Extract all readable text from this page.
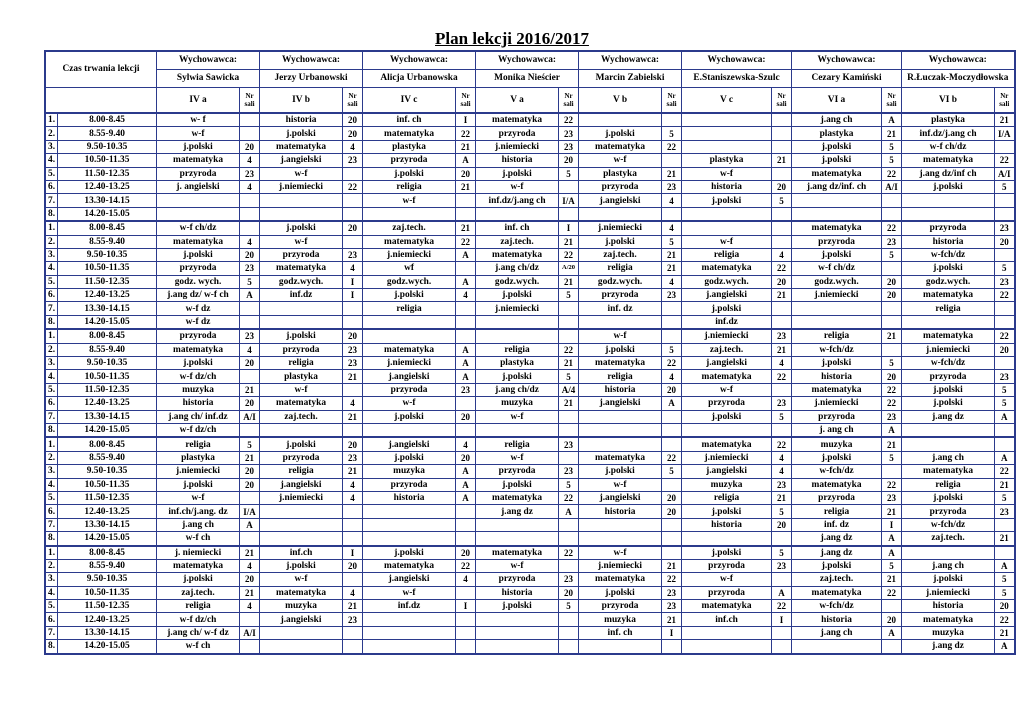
Plan lekcji 2016/2017
Czas trwania lekcji		Wychowawca:		Wychowawca:		Wychowawca:		Wychowawca:		Wychowawca:		Wychowawca:		Wychowawca:		Wychowawca:	
		Sylwia Sawicka		Jerzy Urbanowski		Alicja Urbanowska		Monika Nieścier		Marcin Zabielski		E.Staniszewska-Szulc		Cezary Kamiński		R.Łuczak-Moczydłowska	
		IV a	Nr sali	IV b	Nr sali	IV c	Nr sali	V a	Nr sali	V b	Nr sali	V c	Nr sali	VI a	Nr sali	VI b	Nr sali
1.	8.00-8.45	w- f		historia	20	inf. ch	I	matematyka	22					j.ang ch	A	plastyka	21
2.	8.55-9.40	w-f		j.polski	20	matematyka	22	przyroda	23	j.polski	5			plastyka	21	inf.dz/j.ang ch	I/A
3.	9.50-10.35	j.polski	20	matematyka	4	plastyka	21	j.niemiecki	23	matematyka	22			j.polski	5	w-f ch/dz	
4.	10.50-11.35	matematyka	4	j.angielski	23	przyroda	A	historia	20	w-f		plastyka	21	j.polski	5	matematyka	22
5.	11.50-12.35	przyroda	23	w-f		j.polski	20	j.polski	5	plastyka	21	w-f		matematyka	22	j.ang dz/inf ch	A/I
6.	12.40-13.25	j. angielski	4	j.niemiecki	22	religia	21	w-f		przyroda	23	historia	20	j.ang dz/inf. ch	A/I	j.polski	5
7.	13.30-14.15					w-f		inf.dz/j.ang ch	I/A	j.angielski	4	j.polski	5				
8.	14.20-15.05																
1.	8.00-8.45	w-f ch/dz		j.polski	20	zaj.tech.	21	inf. ch	I	j.niemiecki	4			matematyka	22	przyroda	23
2.	8.55-9.40	matematyka	4	w-f		matematyka	22	zaj.tech.	21	j.polski	5	w-f		przyroda	23	historia	20
3.	9.50-10.35	j.polski	20	przyroda	23	j.niemiecki	A	matematyka	22	zaj.tech.	21	religia	4	j.polski	5	w-fch/dz	
4.	10.50-11.35	przyroda	23	matematyka	4	wf		j.ang ch/dz	A/20	religia	21	matematyka	22	w-f ch/dz		j.polski	5
5.	11.50-12.35	godz. wych.	5	godz.wych.	I	godz.wych.	A	godz.wych.	21	godz.wych.	4	godz.wych.	20	godz.wych.	20	godz.wych.	23
6.	12.40-13.25	j.ang dz/ w-f ch	A	inf.dz	I	j.polski	4	j.polski	5	przyroda	23	j.angielski	21	j.niemiecki	20	matematyka	22
7.	13.30-14.15	w-f dz				religia		j.niemiecki		inf. dz		j.polski				religia	
8.	14.20-15.05	w-f dz										inf.dz					
1.	8.00-8.45	przyroda	23	j.polski	20					w-f		j.niemiecki	23	religia	21	matematyka	22
2.	8.55-9.40	matematyka	4	przyroda	23	matematyka	A	religia	22	j.polski	5	zaj.tech.	21	w-fch/dz		j.niemiecki	20
3.	9.50-10.35	j.polski	20	religia	23	j.niemiecki	A	plastyka	21	matematyka	22	j.angielski	4	j.polski	5	w-fch/dz	
4.	10.50-11.35	w-f dz/ch		plastyka	21	j.angielski	A	j.polski	5	religia	4	matematyka	22	historia	20	przyroda	23
5.	11.50-12.35	muzyka	21	w-f		przyroda	23	j.ang ch/dz	A/4	historia	20	w-f		matematyka	22	j.polski	5
6.	12.40-13.25	historia	20	matematyka	4	w-f		muzyka	21	j.angielski	A	przyroda	23	j.niemiecki	22	j.polski	5
7.	13.30-14.15	j.ang ch/ inf.dz	A/I	zaj.tech.	21	j.polski	20	w-f				j.polski	5	przyroda	23	j.ang dz	A
8.	14.20-15.05	w-f dz/ch												j. ang ch	A		
1.	8.00-8.45	religia	5	j.polski	20	j.angielski	4	religia	23			matematyka	22	muzyka	21		
2.	8.55-9.40	plastyka	21	przyroda	23	j.polski	20	w-f		matematyka	22	j.niemiecki	4	j.polski	5	j.ang ch	A
3.	9.50-10.35	j.niemiecki	20	religia	21	muzyka	A	przyroda	23	j.polski	5	j.angielski	4	w-fch/dz		matematyka	22
4.	10.50-11.35	j.polski	20	j.angielski	4	przyroda	A	j.polski	5	w-f		muzyka	23	matematyka	22	religia	21
5.	11.50-12.35	w-f		j.niemiecki	4	historia	A	matematyka	22	j.angielski	20	religia	21	przyroda	23	j.polski	5
6.	12.40-13.25	inf.ch/j.ang. dz	I/A					j.ang dz	A	historia	20	j.polski	5	religia	21	przyroda	23
7.	13.30-14.15	j.ang ch	A									historia	20	inf. dz	I	w-fch/dz	
8.	14.20-15.05	w-f ch												j.ang dz	A	zaj.tech.	21
1.	8.00-8.45	j. niemiecki	21	inf.ch	I	j.polski	20	matematyka	22	w-f		j.polski	5	j.ang dz	A		
2.	8.55-9.40	matematyka	4	j.polski	20	matematyka	22	w-f		j.niemiecki	21	przyroda	23	j.polski	5	j.ang ch	A
3.	9.50-10.35	j.polski	20	w-f		j.angielski	4	przyroda	23	matematyka	22	w-f		zaj.tech.	21	j.polski	5
4.	10.50-11.35	zaj.tech.	21	matematyka	4	w-f		historia	20	j.polski	23	przyroda	A	matematyka	22	j.niemiecki	5
5.	11.50-12.35	religia	4	muzyka	21	inf.dz	I	j.polski	5	przyroda	23	matematyka	22	w-fch/dz		historia	20
6.	12.40-13.25	w-f dz/ch		j.angielski	23					muzyka	21	inf.ch	I	historia	20	matematyka	22
7.	13.30-14.15	j.ang ch/ w-f dz	A/I							inf. ch	I			j.ang ch	A	muzyka	21
8.	14.20-15.05	w-f ch														j.ang dz	A
